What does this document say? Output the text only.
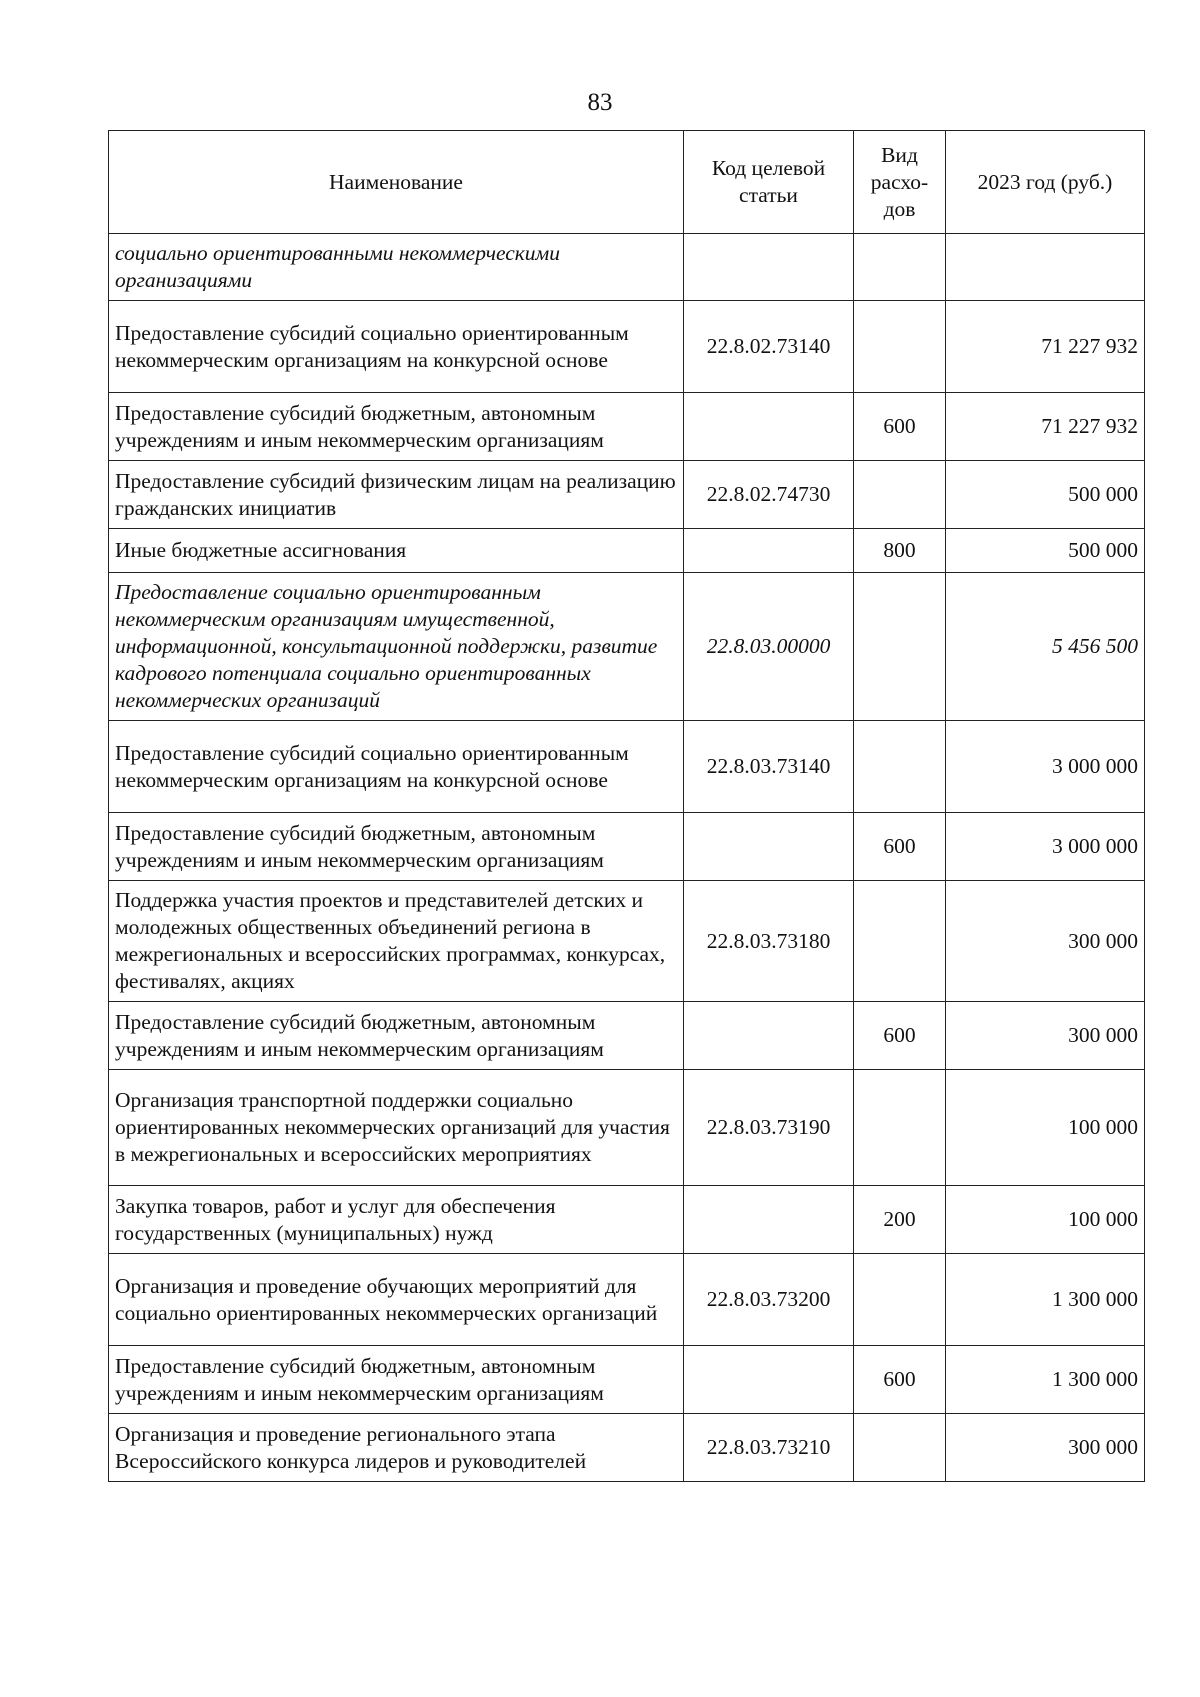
83
Наименование	Код целевой статьи	Вид расхо-дов	2023 год (руб.)
социально ориентированными некоммерческими организациями			
Предоставление субсидий социально ориентированным некоммерческим организациям на конкурсной основе	22.8.02.73140		71 227 932
Предоставление субсидий бюджетным, автономным учреждениям и иным некоммерческим организациям		600	71 227 932
Предоставление субсидий физическим лицам на реализацию гражданских инициатив	22.8.02.74730		500 000
Иные бюджетные ассигнования		800	500 000
Предоставление социально ориентированным некоммерческим организациям имущественной, информационной, консультационной поддержки, развитие кадрового потенциала социально ориентированных некоммерческих организаций	22.8.03.00000		5 456 500
Предоставление субсидий социально ориентированным некоммерческим организациям на конкурсной основе	22.8.03.73140		3 000 000
Предоставление субсидий бюджетным, автономным учреждениям и иным некоммерческим организациям		600	3 000 000
Поддержка участия проектов и представителей детских и молодежных общественных объединений региона в межрегиональных и всероссийских программах, конкурсах, фестивалях, акциях	22.8.03.73180		300 000
Предоставление субсидий бюджетным, автономным учреждениям и иным некоммерческим организациям		600	300 000
Организация транспортной поддержки социально ориентированных некоммерческих организаций для участия в межрегиональных и всероссийских мероприятиях	22.8.03.73190		100 000
Закупка товаров, работ и услуг для обеспечения государственных (муниципальных) нужд		200	100 000
Организация и проведение обучающих мероприятий для социально ориентированных некоммерческих организаций	22.8.03.73200		1 300 000
Предоставление субсидий бюджетным, автономным учреждениям и иным некоммерческим организациям		600	1 300 000
Организация и проведение регионального этапа Всероссийского конкурса лидеров и руководителей	22.8.03.73210		300 000
